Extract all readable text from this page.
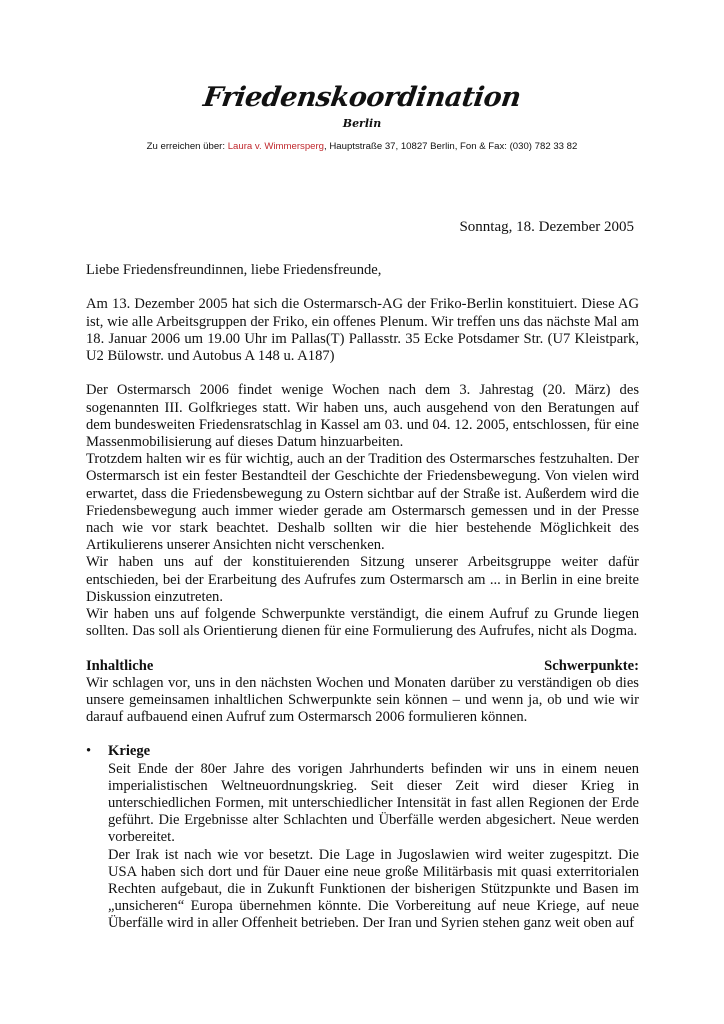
Friedenskoordination
Berlin
Zu erreichen über: Laura v. Wimmersperg, Hauptstraße 37, 10827 Berlin, Fon & Fax: (030) 782 33 82
Sonntag, 18. Dezember 2005

Liebe Friedensfreundinnen, liebe Friedensfreunde,

Am 13. Dezember 2005 hat sich die Ostermarsch-AG der Friko-Berlin konstituiert. Diese AG ist, wie alle Arbeitsgruppen der Friko, ein offenes Plenum. Wir treffen uns das nächste Mal am 18. Januar 2006 um 19.00 Uhr im Pallas(T) Pallasstr. 35 Ecke Potsdamer Str. (U7 Kleistpark, U2 Bülowstr. und Autobus A 148 u. A187)

Der Ostermarsch 2006 findet wenige Wochen nach dem 3. Jahrestag (20. März) des sogenannten III. Golfkrieges statt. Wir haben uns, auch ausgehend von den Beratungen auf dem bundesweiten Friedensratschlag in Kassel am 03. und 04. 12. 2005, entschlossen, für eine Massenmobilisierung auf dieses Datum hinzuarbeiten.

Trotzdem halten wir es für wichtig, auch an der Tradition des Ostermarsches festzuhalten. Der Ostermarsch ist ein fester Bestandteil der Geschichte der Friedensbewegung. Von vielen wird erwartet, dass die Friedensbewegung zu Ostern sichtbar auf der Straße ist. Außerdem wird die Friedensbewegung auch immer wieder gerade am Ostermarsch gemessen und in der Presse nach wie vor stark beachtet. Deshalb sollten wir die hier bestehende Möglichkeit des Artikulierens unserer Ansichten nicht verschenken.

Wir haben uns auf der konstituierenden Sitzung unserer Arbeitsgruppe weiter dafür entschieden, bei der Erarbeitung des Aufrufes zum Ostermarsch am ... in Berlin in eine breite Diskussion einzutreten.

Wir haben uns auf folgende Schwerpunkte verständigt, die einem Aufruf zu Grunde liegen sollten. Das soll als Orientierung dienen für eine Formulierung des Aufrufes, nicht als Dogma.

Inhaltliche	Schwerpunkte:

Wir schlagen vor, uns in den nächsten Wochen und Monaten darüber zu verständigen ob dies unsere gemeinsamen inhaltlichen Schwerpunkte sein können – und wenn ja, ob und wie wir darauf aufbauend einen Aufruf zum Ostermarsch 2006 formulieren können.

• Kriege

Seit Ende der 80er Jahre des vorigen Jahrhunderts befinden wir uns in einem neuen imperialistischen Weltneuordnungskrieg. Seit dieser Zeit wird dieser Krieg in unterschiedlichen Formen, mit unterschiedlicher Intensität in fast allen Regionen der Erde geführt. Die Ergebnisse alter Schlachten und Überfälle werden abgesichert. Neue werden vorbereitet.

Der Irak ist nach wie vor besetzt. Die Lage in Jugoslawien wird weiter zugespitzt. Die USA haben sich dort und für Dauer eine neue große Militärbasis mit quasi exterritorialen Rechten aufgebaut, die in Zukunft Funktionen der bisherigen Stützpunkte und Basen im „unsicheren“ Europa übernehmen könnte. Die Vorbereitung auf neue Kriege, auf neue Überfälle wird in aller Offenheit betrieben. Der Iran und Syrien stehen ganz weit oben auf
